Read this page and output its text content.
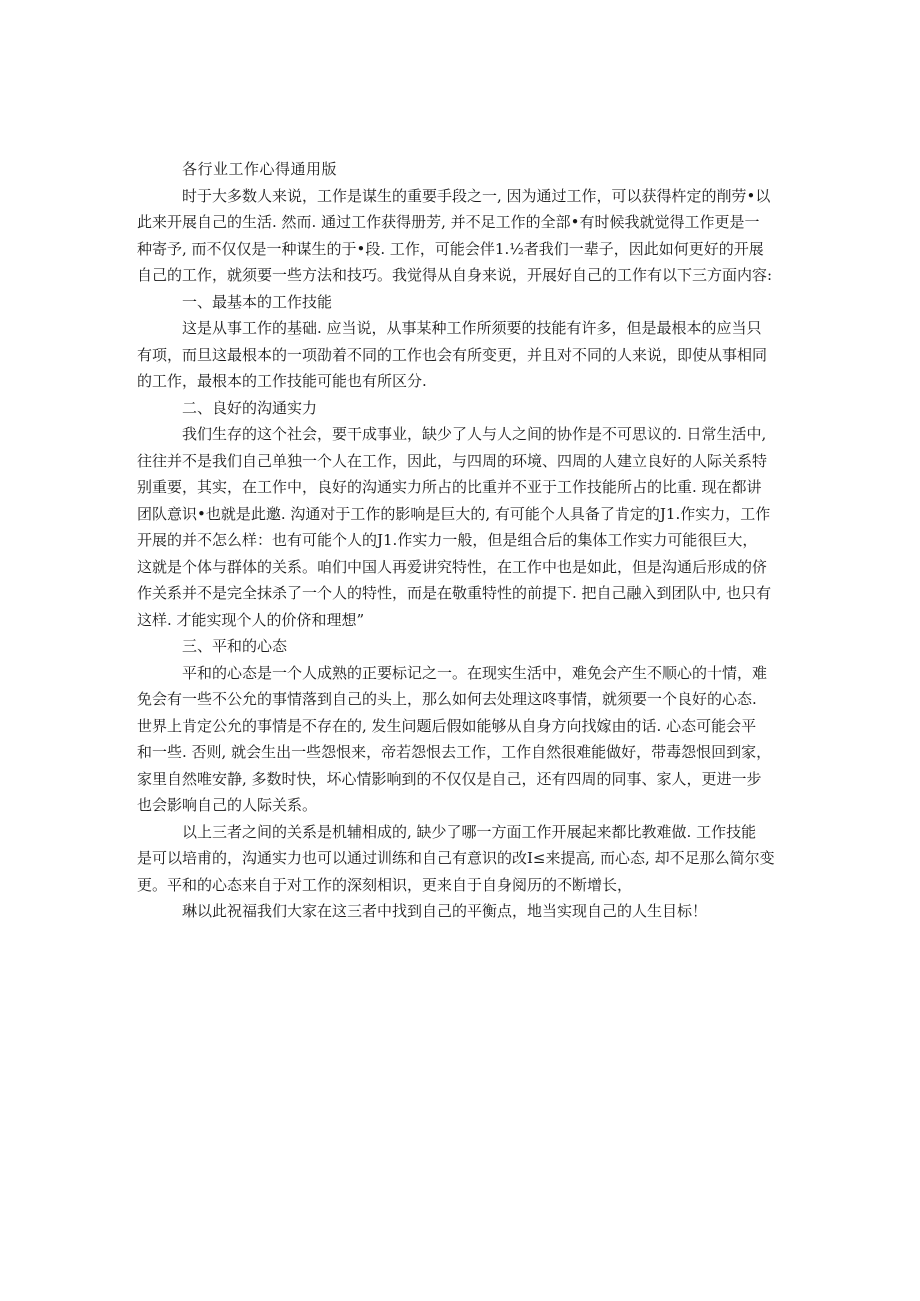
各行业工作心得通用版
时于大多数人来说，工作是谋生的重要手段之一, 因为通过工作，可以获得杵定的削劳•以
此来开展自己的生活. 然而. 通过工作获得册芳, 并不足工作的全部•有时候我就觉得工作更是一
种寄予, 而不仅仅是一种谋生的于•段. 工作，可能会伴1.½者我们一辈子，因此如何更好的开展
自己的工作，就须要一些方法和技巧。我觉得从自身来说，开展好自己的工作有以下三方面内容:
一、最基本的工作技能
这是从事工作的基础. 应当说，从事某种工作所须要的技能有许多，但是最根本的应当只
有项，而旦这最根本的一项劭着不同的工作也会有所变更，并且对不同的人来说，即使从事相同
的工作，最根本的工作技能可能也有所区分.
二、良好的沟通实力
我们生存的这个社会，要干成事业，缺少了人与人之间的协作是不可思议的. 日常生活中,
往往并不是我们自己单独一个人在工作，因此，与四周的环境、四周的人建立良好的人际关系特
别重要，其实，在工作中，良好的沟通实力所占的比重并不亚于工作技能所占的比重. 现在都讲
团队意识•也就是此邀. 沟通对于工作的影响是巨大的, 有可能个人具备了肯定的J1.作实力，工作
开展的并不怎么样：也有可能个人的J1.作实力一般，但是组合后的集体工作实力可能很巨大，
这就是个体与群体的关系。咱们中国人再爱讲究特性，在工作中也是如此，但是沟通后形成的侪
作关系并不是完全抹杀了一个人的特性，而是在敬重特性的前提下. 把自己融入到团队中, 也只有
这样. 才能实现个人的价侪和理想”
三、平和的心态
平和的心态是一个人成熟的正要标记之一。在现实生活中，难免会产生不顺心的十情，难
免会有一些不公允的事情落到自己的头上，那么如何去处理这咚事情，就须要一个良好的心态.
世界上肯定公允的事情是不存在的, 发生问题后假如能够从自身方向找嫁由的话. 心态可能会平
和一些. 否则, 就会生出一些怨恨来，帝若怨恨去工作，工作自然很难能做好，带毒怨恨回到家，
家里自然唯安静, 多数时快，坏心情影响到的不仅仅是自己，还有四周的同事、家人，更进一步
也会影响自己的人际关系。
以上三者之间的关系是机辅相成的, 缺少了哪一方面工作开展起来都比教难做. 工作技能
是可以培甫的，沟通实力也可以通过训练和自己有意识的改I≤来提高, 而心态, 却不足那么简尔变
更。平和的心态来自于对工作的深刻相识，更来自于自身阅历的不断增长，
琳以此祝福我们大家在这三者中找到自己的平衡点，地当实现自己的人生目标！
